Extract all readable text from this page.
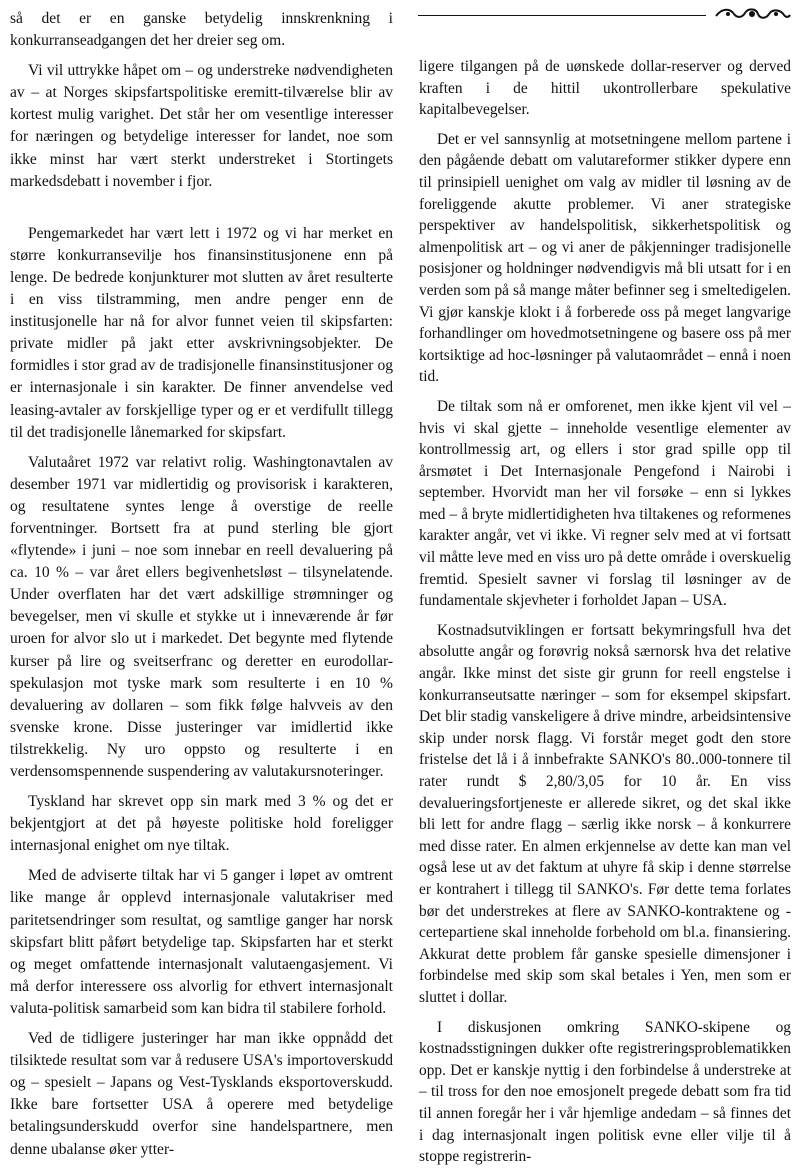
så det er en ganske betydelig innskrenkning i konkurranseadgangen det her dreier seg om.

Vi vil uttrykke håpet om – og understreke nødvendigheten av – at Norges skipsfartspolitiske eremitt-tilværelse blir av kortest mulig varighet. Det står her om vesentlige interesser for næringen og betydelige interesser for landet, noe som ikke minst har vært sterkt understreket i Stortingets markedsdebatt i november i fjor.

Pengemarkedet har vært lett i 1972 og vi har merket en større konkurransevilje hos finansinstitusjonene enn på lenge. De bedrede konjunkturer mot slutten av året resulterte i en viss tilstramming, men andre penger enn de institusjonelle har nå for alvor funnet veien til skipsfarten: private midler på jakt etter avskrivningsobjekter. De formidles i stor grad av de tradisjonelle finansinstitusjoner og er internasjonale i sin karakter. De finner anvendelse ved leasing-avtaler av forskjellige typer og er et verdifullt tillegg til det tradisjonelle lånemarked for skipsfart.

Valutaåret 1972 var relativt rolig. Washingtonavtalen av desember 1971 var midlertidig og provisorisk i karakteren, og resultatene syntes lenge å overstige de reelle forventninger. Bortsett fra at pund sterling ble gjort «flytende» i juni – noe som innebar en reell devaluering på ca. 10 % – var året ellers begivenhetsløst – tilsynelatende. Under overflaten har det vært adskillige strømninger og bevegelser, men vi skulle et stykke ut i inneværende år før uroen for alvor slo ut i markedet. Det begynte med flytende kurser på lire og sveitserfranc og deretter en eurodollar-spekulasjon mot tyske mark som resulterte i en 10 % devaluering av dollaren – som fikk følge halvveis av den svenske krone. Disse justeringer var imidlertid ikke tilstrekkelig. Ny uro oppsto og resulterte i en verdensomspennende suspendering av valutakursnoteringer.

Tyskland har skrevet opp sin mark med 3 % og det er bekjentgjort at det på høyeste politiske hold foreligger internasjonal enighet om nye tiltak.

Med de adviserte tiltak har vi 5 ganger i løpet av omtrent like mange år opplevd internasjonale valutakriser med paritetsendringer som resultat, og samtlige ganger har norsk skipsfart blitt påført betydelige tap. Skipsfarten har et sterkt og meget omfattende internasjonalt valutaengasjement. Vi må derfor interessere oss alvorlig for ethvert internasjonalt valuta-politisk samarbeid som kan bidra til stabilere forhold.

Ved de tidligere justeringer har man ikke oppnådd det tilsiktede resultat som var å redusere USA's importoverskudd og – spesielt – Japans og Vest-Tysklands eksportoverskudd. Ikke bare fortsetter USA å operere med betydelige betalingsunderskudd overfor sine handelspartnere, men denne ubalanse øker ytter-

ligere tilgangen på de uønskede dollar-reserver og derved kraften i de hittil ukontrollerbare spekulative kapitalbevegelser.

Det er vel sannsynlig at motsetningene mellom partene i den pågående debatt om valutareformer stikker dypere enn til prinsipiell uenighet om valg av midler til løsning av de foreliggende akutte problemer. Vi aner strategiske perspektiver av handelspolitisk, sikkerhetspolitisk og almenpolitisk art – og vi aner de påkjenninger tradisjonelle posisjoner og holdninger nødvendigvis må bli utsatt for i en verden som på så mange måter befinner seg i smeltedigelen. Vi gjør kanskje klokt i å forberede oss på meget langvarige forhandlinger om hovedmotsetningene og basere oss på mer kortsiktige ad hoc-løsninger på valutaområdet – ennå i noen tid.

De tiltak som nå er omforenet, men ikke kjent vil vel – hvis vi skal gjette – inneholde vesentlige elementer av kontrollmessig art, og ellers i stor grad spille opp til årsmøtet i Det Internasjonale Pengefond i Nairobi i september. Hvorvidt man her vil forsøke – enn si lykkes med – å bryte midlertidigheten hva tiltakenes og reformenes karakter angår, vet vi ikke. Vi regner selv med at vi fortsatt vil måtte leve med en viss uro på dette område i overskuelig fremtid. Spesielt savner vi forslag til løsninger av de fundamentale skjevheter i forholdet Japan – USA.

Kostnadsutviklingen er fortsatt bekymringsfull hva det absolutte angår og forøvrig nokså særnorsk hva det relative angår. Ikke minst det siste gir grunn for reell engstelse i konkurranseutsatte næringer – som for eksempel skipsfart. Det blir stadig vanskeligere å drive mindre, arbeidsintensive skip under norsk flagg. Vi forstår meget godt den store fristelse det lå i å innbefrakte SANKO's 80..000-tonnere til rater rundt $ 2,80/3,05 for 10 år. En viss devalueringsfortjeneste er allerede sikret, og det skal ikke bli lett for andre flagg – særlig ikke norsk – å konkurrere med disse rater. En almen erkjennelse av dette kan man vel også lese ut av det faktum at uhyre få skip i denne størrelse er kontrahert i tillegg til SANKO's. Før dette tema forlates bør det understrekes at flere av SANKO-kontraktene og -certepartiene skal inneholde forbehold om bl.a. finansiering. Akkurat dette problem får ganske spesielle dimensjoner i forbindelse med skip som skal betales i Yen, men som er sluttet i dollar.

I diskusjonen omkring SANKO-skipene og kostnadsstigningen dukker ofte registreringsproblematikken opp. Det er kanskje nyttig i den forbindelse å understreke at – til tross for den noe emosjonelt pregede debatt som fra tid til annen foregår her i vår hjemlige andedam – så finnes det i dag internasjonalt ingen politisk evne eller vilje til å stoppe registrerin-
